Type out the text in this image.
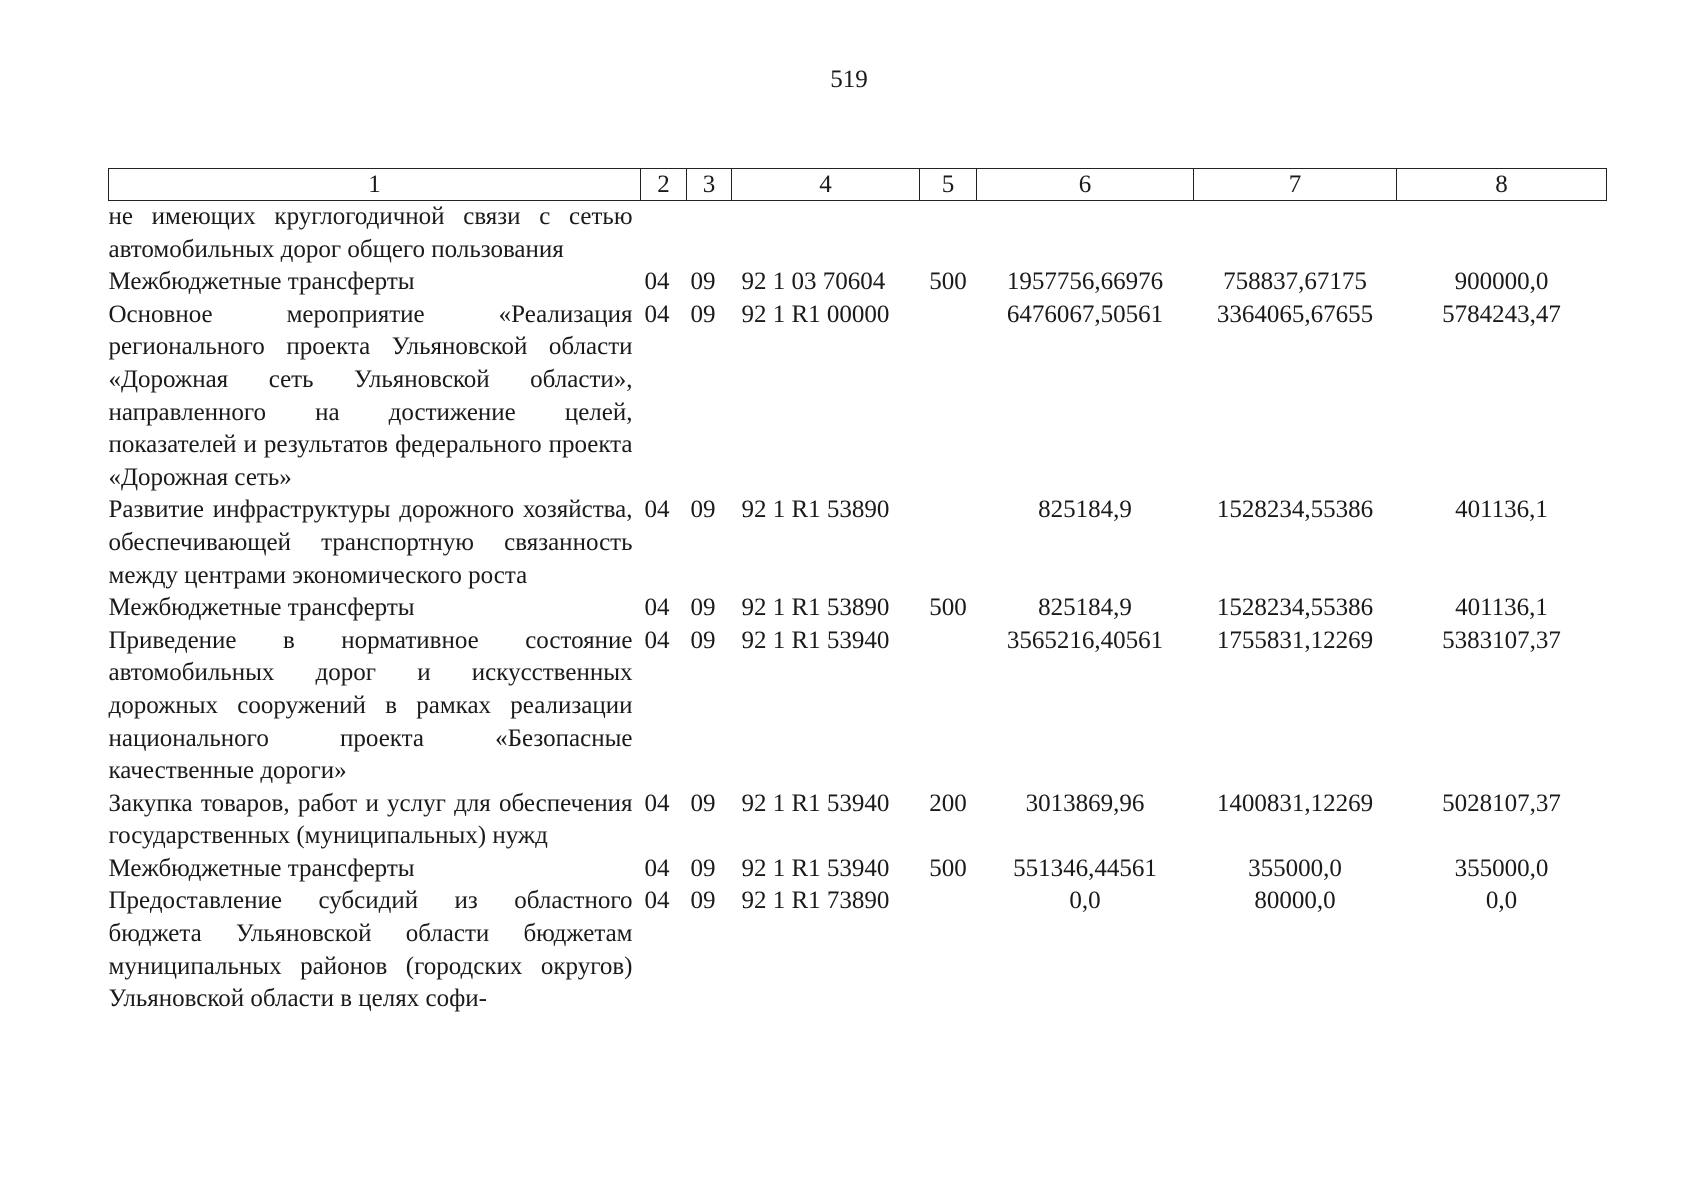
519
1	2	3	4	5	6	7	8
не имеющих круглогодичной связи с сетью автомобильных дорог общего пользования							
Межбюджетные трансферты	04	09	92 1 03 70604	500	1957756,66976	758837,67175	900000,0
Основное мероприятие «Реализация регионального проекта Ульяновской области «Дорожная сеть Ульяновской области», направленного на достижение целей, показателей и результатов федерального проекта «Дорожная сеть»	04	09	92 1 R1 00000		6476067,50561	3364065,67655	5784243,47
Развитие инфраструктуры дорожного хозяйства, обеспечивающей транспортную связанность между центрами экономического роста	04	09	92 1 R1 53890		825184,9	1528234,55386	401136,1
Межбюджетные трансферты	04	09	92 1 R1 53890	500	825184,9	1528234,55386	401136,1
Приведение в нормативное состояние автомобильных дорог и искусственных дорожных сооружений в рамках реализации национального проекта «Безопасные качественные дороги»	04	09	92 1 R1 53940		3565216,40561	1755831,12269	5383107,37
Закупка товаров, работ и услуг для обеспечения государственных (муниципальных) нужд	04	09	92 1 R1 53940	200	3013869,96	1400831,12269	5028107,37
Межбюджетные трансферты	04	09	92 1 R1 53940	500	551346,44561	355000,0	355000,0
Предоставление субсидий из областного бюджета Ульяновской области бюджетам муниципальных районов (городских округов) Ульяновской области в целях софи-	04	09	92 1 R1 73890		0,0	80000,0	0,0
